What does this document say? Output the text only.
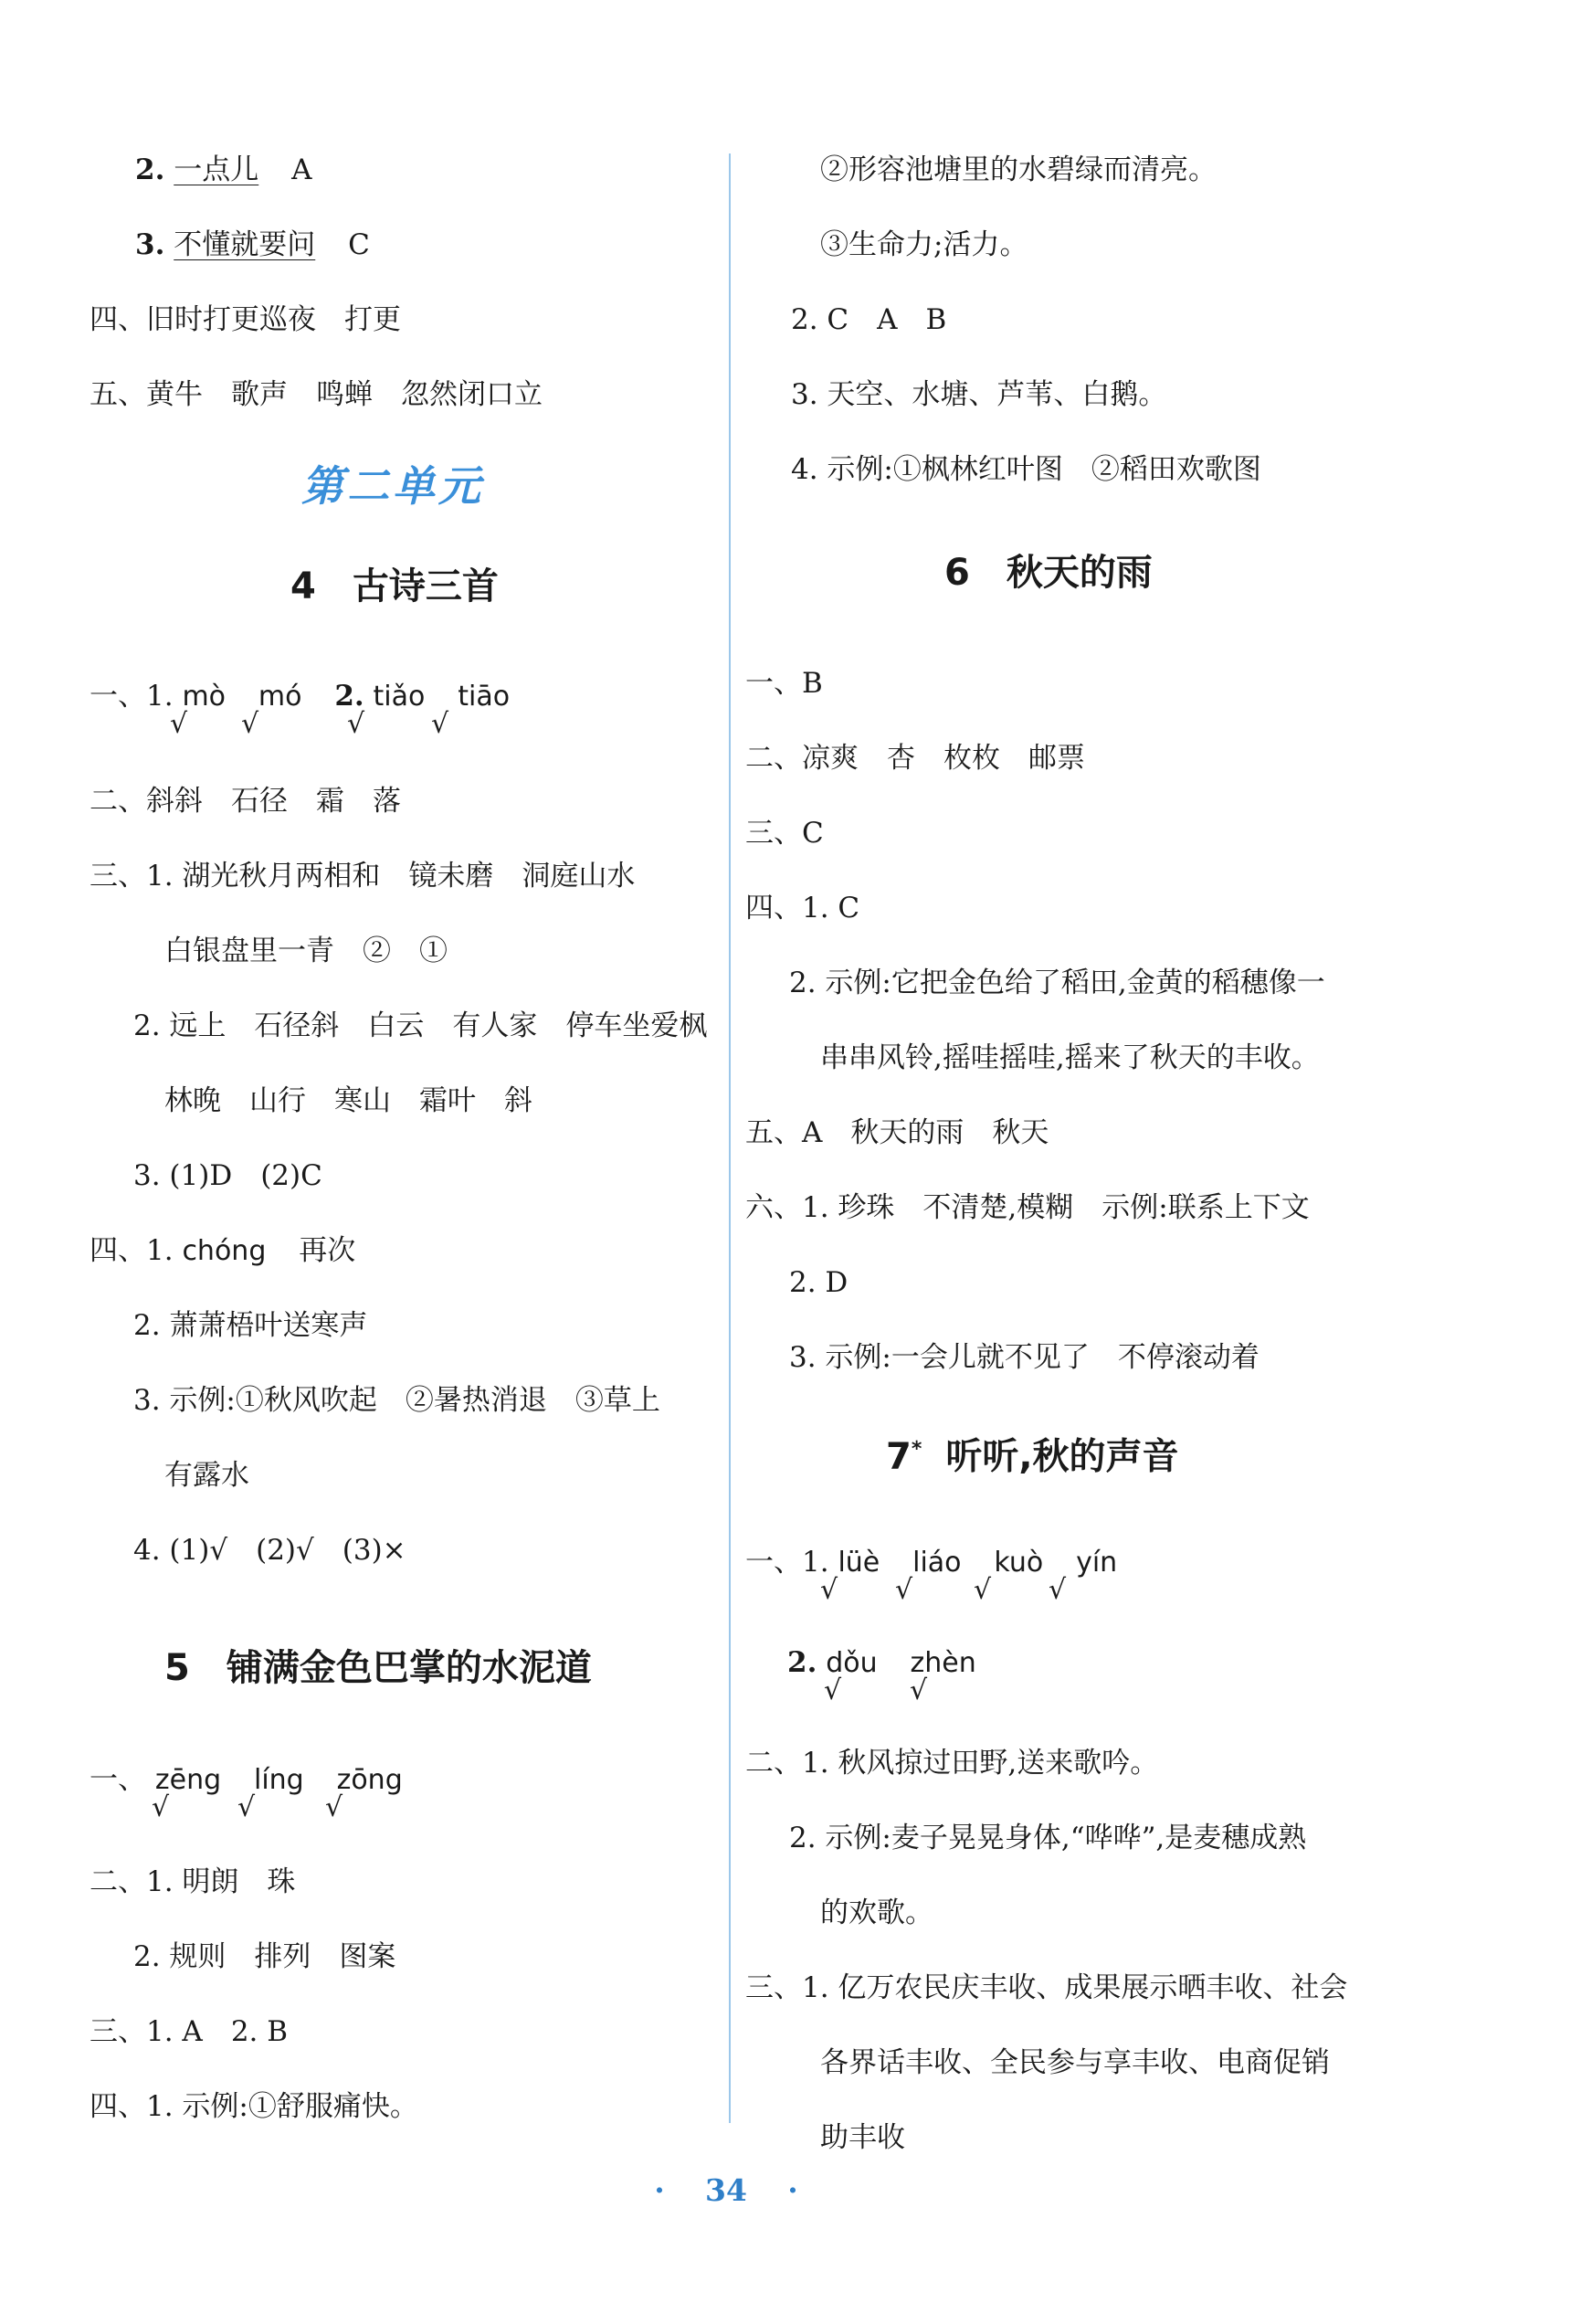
2. 一点儿 A
3. 不懂就要问 C
四、旧时打更巡夜　打更
五、黄牛　歌声　鸣蝉　忽然闭口立
第二单元
4　古诗三首
一、1. mò mó 2. tiǎo tiāo
√ √	√ √
二、斜斜　石径　霜　落
三、1. 湖光秋月两相和　镜未磨　洞庭山水
白银盘里一青　②　①
2. 远上　石径斜　白云　有人家　停车坐爱枫
林晚　山行　寒山　霜叶　斜
3. (1)D　(2)C
四、1. chóng 再次
2. 萧萧梧叶送寒声
3. 示例:①秋风吹起　②暑热消退　③草上
有露水
4. (1)√　(2)√　(3)×
5　铺满金色巴掌的水泥道
一、 zēng líng zōng
√ √	√
二、1. 明朗　珠
2. 规则　排列　图案
三、1. A　2. B
四、1. 示例:①舒服痛快。
②形容池塘里的水碧绿而清亮。
③生命力;活力。
2. C　A　B
3. 天空、水塘、芦苇、白鹅。
4. 示例:①枫林红叶图　②稻田欢歌图
6　秋天的雨
一、B
二、凉爽　杏　枚枚　邮票
三、C
四、1. C
2. 示例:它把金色给了稻田,金黄的稻穗像一
串串风铃,摇哇摇哇,摇来了秋天的丰收。
五、A　秋天的雨　秋天
六、1. 珍珠　不清楚,模糊　示例:联系上下文
2. D
3. 示例:一会儿就不见了　不停滚动着
7* 听听,秋的声音
一、1. lüè liáo kuò yín
√ √ √ √
2. dǒu zhèn
√ √
二、1. 秋风掠过田野,送来歌吟。
2. 示例:麦子晃晃身体,“哗哗”,是麦穗成熟
的欢歌。
三、1. 亿万农民庆丰收、成果展示晒丰收、社会
各界话丰收、全民参与享丰收、电商促销
助丰收
· 34 ·
